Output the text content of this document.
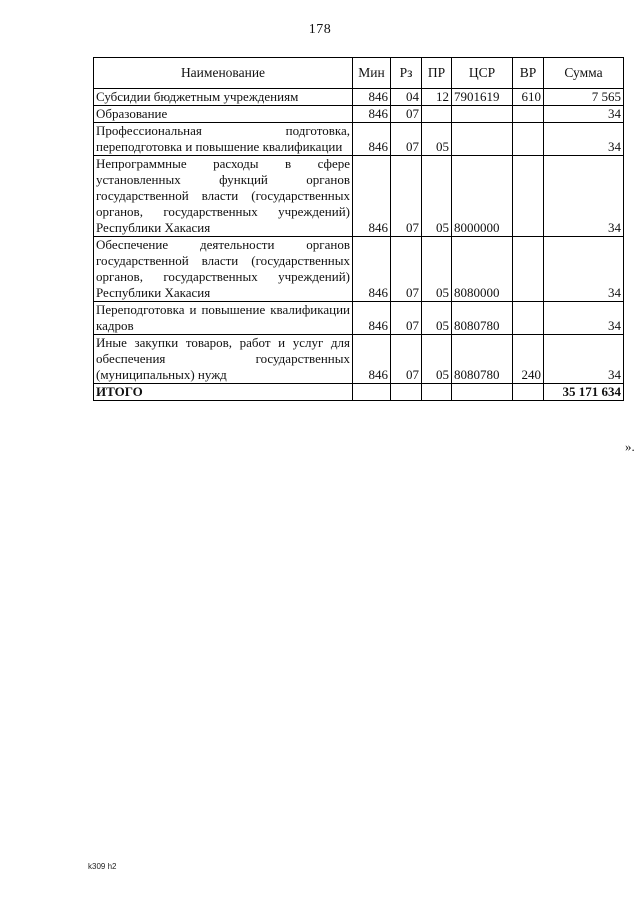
178
Наименование	Мин	Рз	ПР	ЦСР	ВР	Сумма
Субсидии бюджетным учреждениям	846	04	12	7901619	610	7 565
Образование	846	07				34
Профессиональная подготовка, переподготовка и повышение квалификации	846	07	05			34
Непрограммные расходы в сфере установленных функций органов государственной власти (государственных органов, государственных учреждений) Республики Хакасия	846	07	05	8000000		34
Обеспечение деятельности органов государственной власти (государственных органов, государственных учреждений) Республики Хакасия	846	07	05	8080000		34
Переподготовка и повышение квалификации кадров	846	07	05	8080780		34
Иные закупки товаров, работ и услуг для обеспечения государственных (муниципальных) нужд	846	07	05	8080780	240	34
ИТОГО						35 171 634
».
k309 h2
